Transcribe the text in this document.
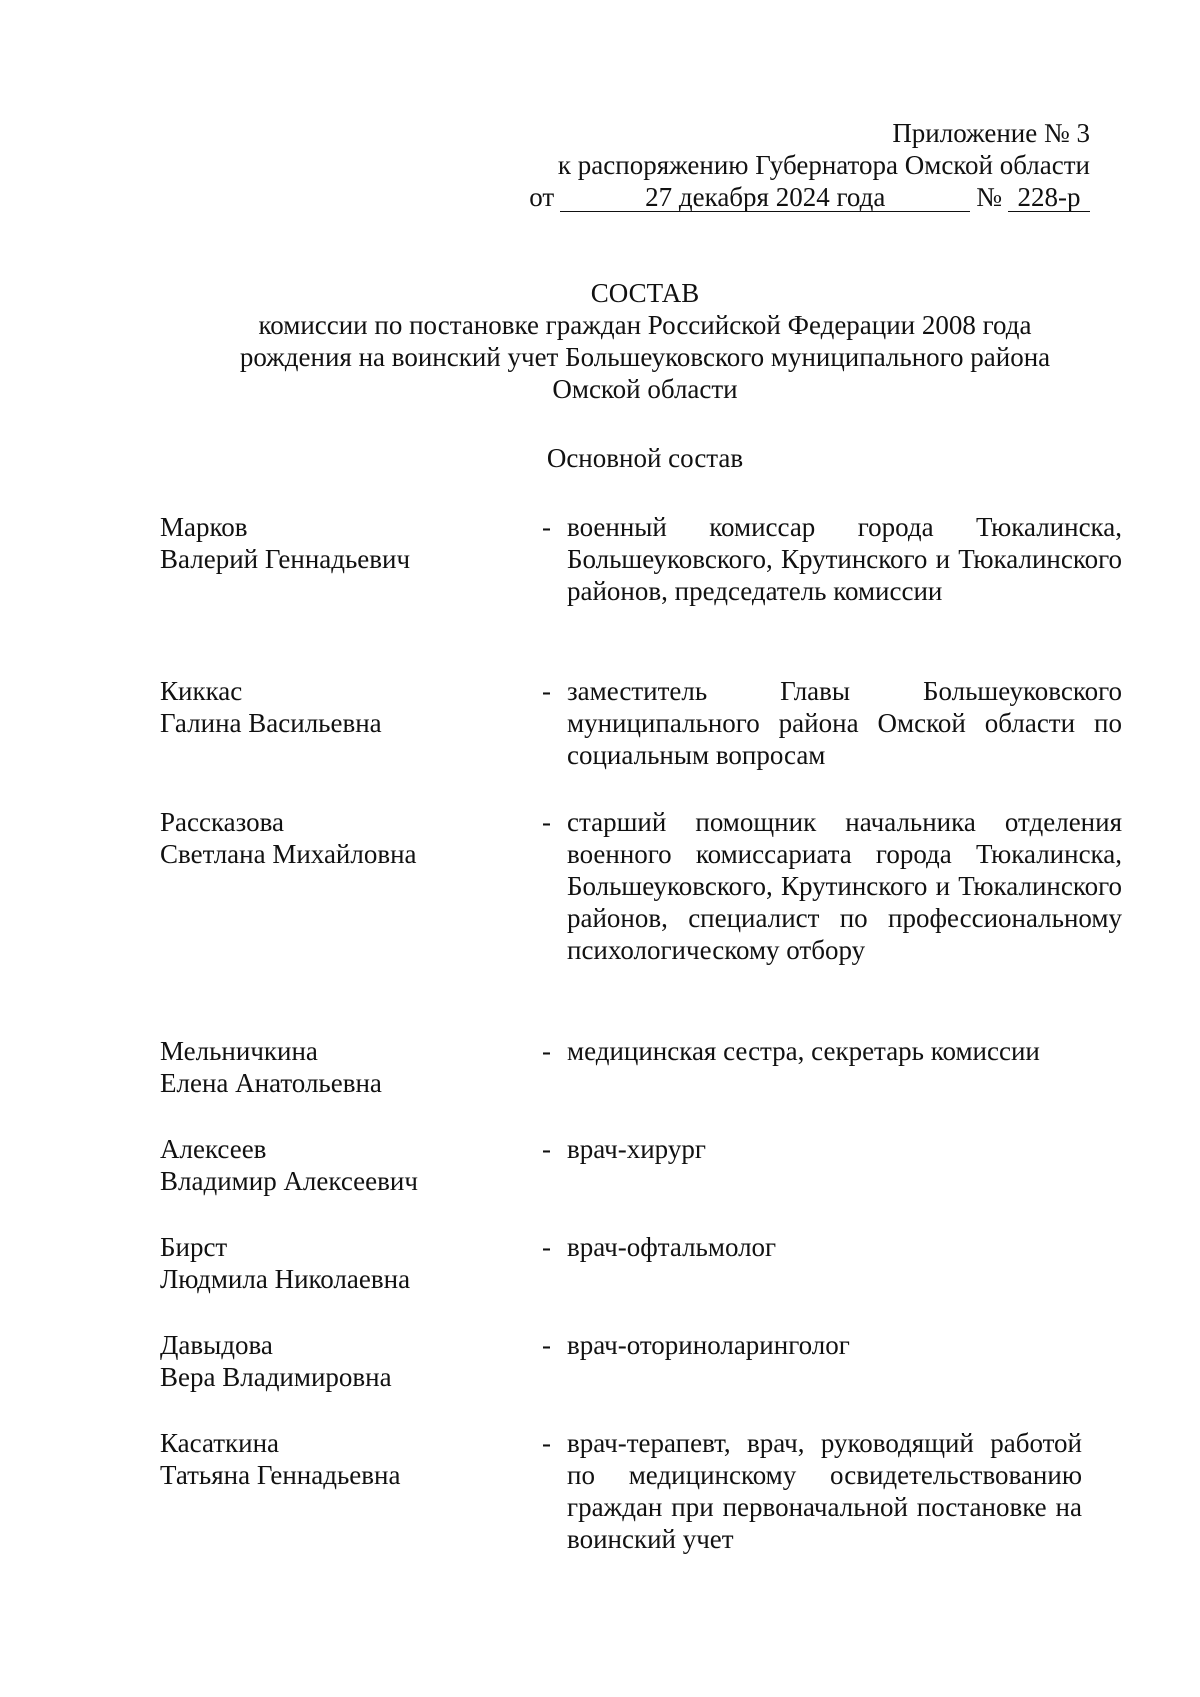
Приложение № 3
к распоряжению Губернатора Омской области
от	27 декабря 2024 года	№ 228-р
СОСТАВ
комиссии по постановке граждан Российской Федерации 2008 года рождения на воинский учет Большеуковского муниципального района Омской области
Основной состав
Марков
Валерий Геннадьевич
- военный комиссар города Тюкалинска, Большеуковского, Крутинского и Тюкалинского районов, председатель комиссии
Киккас
Галина Васильевна
- заместитель Главы Большеуковского муниципального района Омской области по социальным вопросам
Рассказова
Светлана Михайловна
- старший помощник начальника отделения военного комиссариата города Тюкалинска, Большеуковского, Крутинского и Тюкалинского районов, специалист по профессиональному психологическому отбору
Мельничкина
Елена Анатольевна
- медицинская сестра, секретарь комиссии
Алексеев
Владимир Алексеевич
- врач-хирург
Бирст
Людмила Николаевна
- врач-офтальмолог
Давыдова
Вера Владимировна
- врач-оториноларинголог
Касаткина
Татьяна Геннадьевна
- врач-терапевт, врач, руководящий работой по медицинскому освидетельствованию граждан при первоначальной постановке на воинский учет
